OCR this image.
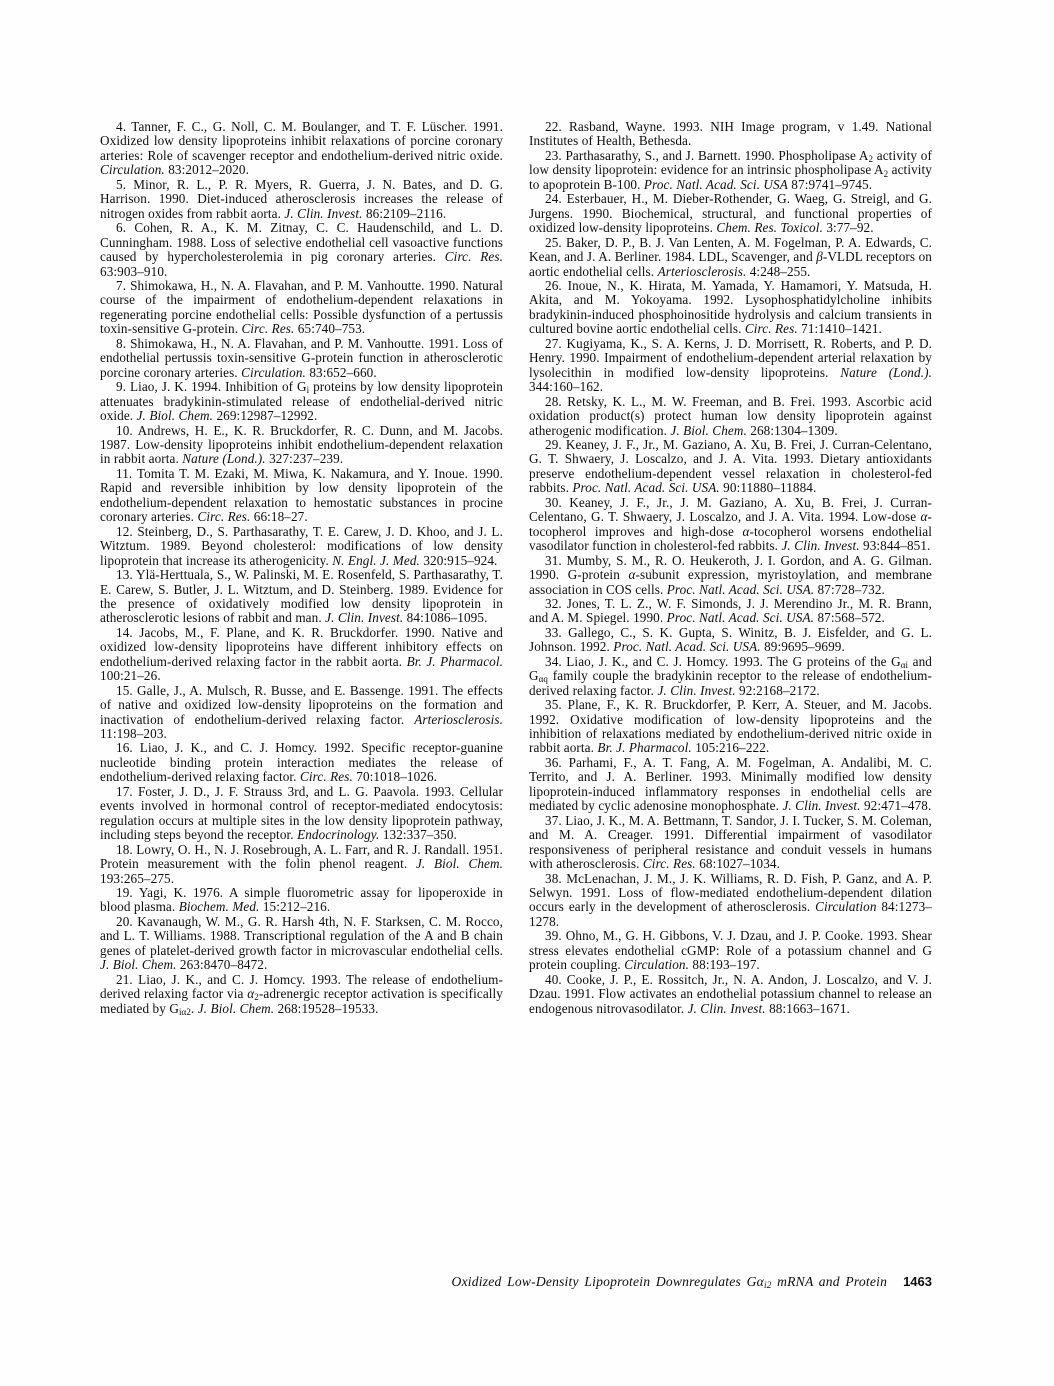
4. Tanner, F. C., G. Noll, C. M. Boulanger, and T. F. Lüscher. 1991. Oxidized low density lipoproteins inhibit relaxations of porcine coronary arteries: Role of scavenger receptor and endothelium-derived nitric oxide. Circulation. 83:2012–2020.

5. Minor, R. L., P. R. Myers, R. Guerra, J. N. Bates, and D. G. Harrison. 1990. Diet-induced atherosclerosis increases the release of nitrogen oxides from rabbit aorta. J. Clin. Invest. 86:2109–2116.

6. Cohen, R. A., K. M. Zitnay, C. C. Haudenschild, and L. D. Cunningham. 1988. Loss of selective endothelial cell vasoactive functions caused by hypercholesterolemia in pig coronary arteries. Circ. Res. 63:903–910.

7. Shimokawa, H., N. A. Flavahan, and P. M. Vanhoutte. 1990. Natural course of the impairment of endothelium-dependent relaxations in regenerating porcine endothelial cells: Possible dysfunction of a pertussis toxin-sensitive G-protein. Circ. Res. 65:740–753.

8. Shimokawa, H., N. A. Flavahan, and P. M. Vanhoutte. 1991. Loss of endothelial pertussis toxin-sensitive G-protein function in atherosclerotic porcine coronary arteries. Circulation. 83:652–660.

9. Liao, J. K. 1994. Inhibition of $G_i$ proteins by low density lipoprotein attenuates bradykinin-stimulated release of endothelial-derived nitric oxide. J. Biol. Chem. 269:12987–12992.

10. Andrews, H. E., K. R. Bruckdorfer, R. C. Dunn, and M. Jacobs. 1987. Low-density lipoproteins inhibit endothelium-dependent relaxation in rabbit aorta. Nature (Lond.). 327:237–239.

11. Tomita T. M. Ezaki, M. Miwa, K. Nakamura, and Y. Inoue. 1990. Rapid and reversible inhibition by low density lipoprotein of the endothelium-dependent relaxation to hemostatic substances in procine coronary arteries. Circ. Res. 66:18–27.

12. Steinberg, D., S. Parthasarathy, T. E. Carew, J. D. Khoo, and J. L. Witztum. 1989. Beyond cholesterol: modifications of low density lipoprotein that increase its atherogenicity. N. Engl. J. Med. 320:915–924.

13. Ylä-Herttuala, S., W. Palinski, M. E. Rosenfeld, S. Parthasarathy, T. E. Carew, S. Butler, J. L. Witztum, and D. Steinberg. 1989. Evidence for the presence of oxidatively modified low density lipoprotein in atherosclerotic lesions of rabbit and man. J. Clin. Invest. 84:1086–1095.

14. Jacobs, M., F. Plane, and K. R. Bruckdorfer. 1990. Native and oxidized low-density lipoproteins have different inhibitory effects on endothelium-derived relaxing factor in the rabbit aorta. Br. J. Pharmacol. 100:21–26.

15. Galle, J., A. Mulsch, R. Busse, and E. Bassenge. 1991. The effects of native and oxidized low-density lipoproteins on the formation and inactivation of endothelium-derived relaxing factor. Arteriosclerosis. 11:198–203.

16. Liao, J. K., and C. J. Homcy. 1992. Specific receptor-guanine nucleotide binding protein interaction mediates the release of endothelium-derived relaxing factor. Circ. Res. 70:1018–1026.

17. Foster, J. D., J. F. Strauss 3rd, and L. G. Paavola. 1993. Cellular events involved in hormonal control of receptor-mediated endocytosis: regulation occurs at multiple sites in the low density lipoprotein pathway, including steps beyond the receptor. Endocrinology. 132:337–350.

18. Lowry, O. H., N. J. Rosebrough, A. L. Farr, and R. J. Randall. 1951. Protein measurement with the folin phenol reagent. J. Biol. Chem. 193:265–275.

19. Yagi, K. 1976. A simple fluorometric assay for lipoperoxide in blood plasma. Biochem. Med. 15:212–216.

20. Kavanaugh, W. M., G. R. Harsh 4th, N. F. Starksen, C. M. Rocco, and L. T. Williams. 1988. Transcriptional regulation of the A and B chain genes of platelet-derived growth factor in microvascular endothelial cells. J. Biol. Chem. 263:8470–8472.

21. Liao, J. K., and C. J. Homcy. 1993. The release of endothelium-derived relaxing factor via $\alpha_2$-adrenergic receptor activation is specifically mediated by $G_{i\alpha 2}$. J. Biol. Chem. 268:19528–19533.

22. Rasband, Wayne. 1993. NIH Image program, v 1.49. National Institutes of Health, Bethesda.

23. Parthasarathy, S., and J. Barnett. 1990. Phospholipase $A_2$ activity of low density lipoprotein: evidence for an intrinsic phospholipase $A_2$ activity to apoprotein B-100. Proc. Natl. Acad. Sci. USA 87:9741–9745.

24. Esterbauer, H., M. Dieber-Rothender, G. Waeg, G. Streigl, and G. Jurgens. 1990. Biochemical, structural, and functional properties of oxidized low-density lipoproteins. Chem. Res. Toxicol. 3:77–92.

25. Baker, D. P., B. J. Van Lenten, A. M. Fogelman, P. A. Edwards, C. Kean, and J. A. Berliner. 1984. LDL, Scavenger, and β-VLDL receptors on aortic endothelial cells. Arteriosclerosis. 4:248–255.

26. Inoue, N., K. Hirata, M. Yamada, Y. Hamamori, Y. Matsuda, H. Akita, and M. Yokoyama. 1992. Lysophosphatidylcholine inhibits bradykinin-induced phosphoinositide hydrolysis and calcium transients in cultured bovine aortic endothelial cells. Circ. Res. 71:1410–1421.

27. Kugiyama, K., S. A. Kerns, J. D. Morrisett, R. Roberts, and P. D. Henry. 1990. Impairment of endothelium-dependent arterial relaxation by lysolecithin in modified low-density lipoproteins. Nature (Lond.). 344:160–162.

28. Retsky, K. L., M. W. Freeman, and B. Frei. 1993. Ascorbic acid oxidation product(s) protect human low density lipoprotein against atherogenic modification. J. Biol. Chem. 268:1304–1309.

29. Keaney, J. F., Jr., M. Gaziano, A. Xu, B. Frei, J. Curran-Celentano, G. T. Shwaery, J. Loscalzo, and J. A. Vita. 1993. Dietary antioxidants preserve endothelium-dependent vessel relaxation in cholesterol-fed rabbits. Proc. Natl. Acad. Sci. USA. 90:11880–11884.

30. Keaney, J. F., Jr., J. M. Gaziano, A. Xu, B. Frei, J. Curran-Celentano, G. T. Shwaery, J. Loscalzo, and J. A. Vita. 1994. Low-dose α-tocopherol improves and high-dose α-tocopherol worsens endothelial vasodilator function in cholesterol-fed rabbits. J. Clin. Invest. 93:844–851.

31. Mumby, S. M., R. O. Heukeroth, J. I. Gordon, and A. G. Gilman. 1990. G-protein α-subunit expression, myristoylation, and membrane association in COS cells. Proc. Natl. Acad. Sci. USA. 87:728–732.

32. Jones, T. L. Z., W. F. Simonds, J. J. Merendino Jr., M. R. Brann, and A. M. Spiegel. 1990. Proc. Natl. Acad. Sci. USA. 87:568–572.

33. Gallego, C., S. K. Gupta, S. Winitz, B. J. Eisfelder, and G. L. Johnson. 1992. Proc. Natl. Acad. Sci. USA. 89:9695–9699.

34. Liao, J. K., and C. J. Homcy. 1993. The G proteins of the $G_{\alpha i}$ and $G_{\alpha q}$ family couple the bradykinin receptor to the release of endothelium-derived relaxing factor. J. Clin. Invest. 92:2168–2172.

35. Plane, F., K. R. Bruckdorfer, P. Kerr, A. Steuer, and M. Jacobs. 1992. Oxidative modification of low-density lipoproteins and the inhibition of relaxations mediated by endothelium-derived nitric oxide in rabbit aorta. Br. J. Pharmacol. 105:216–222.

36. Parhami, F., A. T. Fang, A. M. Fogelman, A. Andalibi, M. C. Territo, and J. A. Berliner. 1993. Minimally modified low density lipoprotein-induced inflammatory responses in endothelial cells are mediated by cyclic adenosine monophosphate. J. Clin. Invest. 92:471–478.

37. Liao, J. K., M. A. Bettmann, T. Sandor, J. I. Tucker, S. M. Coleman, and M. A. Creager. 1991. Differential impairment of vasodilator responsiveness of peripheral resistance and conduit vessels in humans with atherosclerosis. Circ. Res. 68:1027–1034.

38. McLenachan, J. M., J. K. Williams, R. D. Fish, P. Ganz, and A. P. Selwyn. 1991. Loss of flow-mediated endothelium-dependent dilation occurs early in the development of atherosclerosis. Circulation 84:1273–1278.

39. Ohno, M., G. H. Gibbons, V. J. Dzau, and J. P. Cooke. 1993. Shear stress elevates endothelial cGMP: Role of a potassium channel and G protein coupling. Circulation. 88:193–197.

40. Cooke, J. P., E. Rossitch, Jr., N. A. Andon, J. Loscalzo, and V. J. Dzau. 1991. Flow activates an endothelial potassium channel to release an endogenous nitrovasodilator. J. Clin. Invest. 88:1663–1671.

Oxidized Low-Density Lipoprotein Downregulates $G\alpha_{i2}$ mRNA and Protein 1463
